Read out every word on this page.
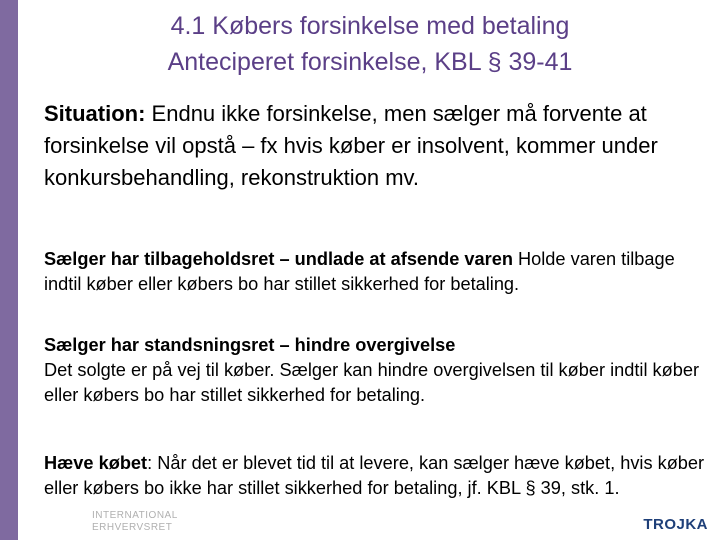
4.1 Købers forsinkelse med betaling
Anteciperet forsinkelse, KBL § 39-41
Situation: Endnu ikke forsinkelse, men sælger må forvente at forsinkelse vil opstå – fx hvis køber er insolvent, kommer under konkursbehandling, rekonstruktion mv.
Sælger har tilbageholdsret – undlade at afsende varen Holde varen tilbage indtil køber eller købers bo har stillet sikkerhed for betaling.
Sælger har standsningsret – hindre overgivelse
Det solgte er på vej til køber. Sælger kan hindre overgivelsen til køber indtil køber eller købers bo har stillet sikkerhed for betaling.
Hæve købet: Når det er blevet tid til at levere, kan sælger hæve købet, hvis køber eller købers bo ikke har stillet sikkerhed for betaling, jf. KBL § 39, stk. 1.
INTERNATIONAL
ERHVERVSRET	TROJKA
